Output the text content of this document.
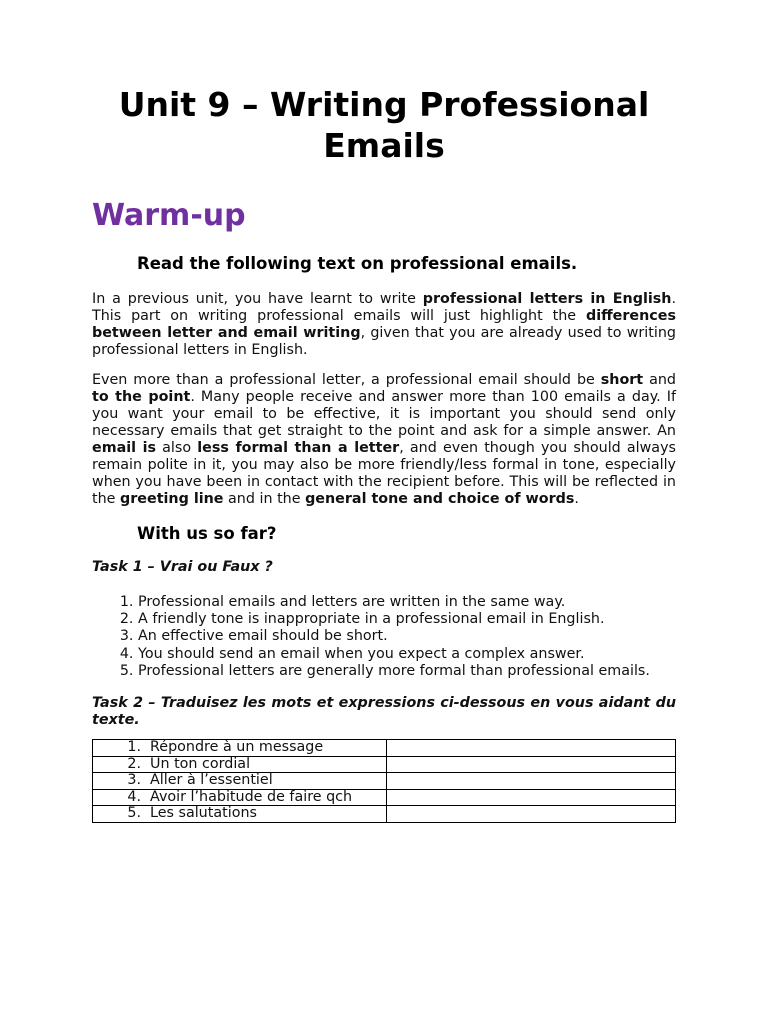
Unit 9 – Writing Professional Emails
Warm-up
Read the following text on professional emails.

In a previous unit, you have learnt to write professional letters in English. This part on writing professional emails will just highlight the differences between letter and email writing, given that you are already used to writing professional letters in English.

Even more than a professional letter, a professional email should be short and to the point. Many people receive and answer more than 100 emails a day. If you want your email to be effective, it is important you should send only necessary emails that get straight to the point and ask for a simple answer. An email is also less formal than a letter, and even though you should always remain polite in it, you may also be more friendly/less formal in tone, especially when you have been in contact with the recipient before. This will be reflected in the greeting line and in the general tone and choice of words.

With us so far?
Task 1 – Vrai ou Faux ?
1. Professional emails and letters are written in the same way.
2. A friendly tone is inappropriate in a professional email in English.
3. An effective email should be short.
4. You should send an email when you expect a complex answer.
5. Professional letters are generally more formal than professional emails.
Task 2 – Traduisez les mots et expressions ci-dessous en vous aidant du texte.
1. Répondre à un message	
2. Un ton cordial	
3. Aller à l’essentiel	
4. Avoir l’habitude de faire qch	
5. Les salutations	
